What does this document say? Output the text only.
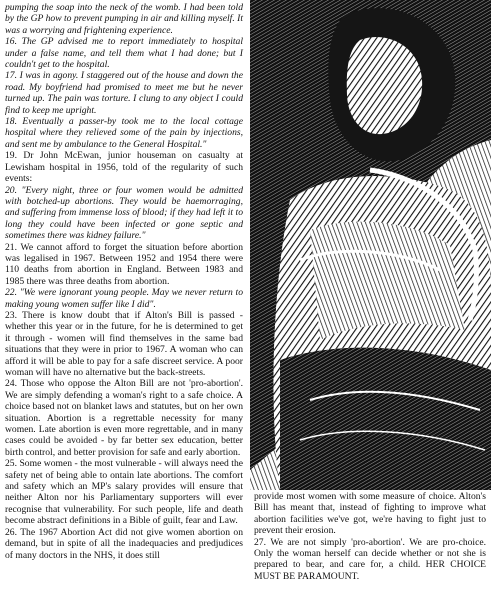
pumping the soap into the neck of the womb. I had been told by the GP how to prevent pumping in air and killing myself. It was a worrying and frightening experience.

16. The GP advised me to report immediately to hospital under a false name, and tell them what I had done; but I couldn't get to the hospital.

17. I was in agony. I staggered out of the house and down the road. My boyfriend had promised to meet me but he never turned up. The pain was torture. I clung to any object I could find to keep me upright.

18. Eventually a passer-by took me to the local cottage hospital where they relieved some of the pain by injections, and sent me by ambulance to the General Hospital."

19. Dr John McEwan, junior houseman on casualty at Lewisham hospital in 1956, told of the regularity of such events:

20. "Every night, three or four women would be admitted with botched-up abortions. They would be haemorraging, and suffering from immense loss of blood; if they had left it to long they could have been infected or gone septic and sometimes there was kidney failure."

21. We cannot afford to forget the situation before abortion was legalised in 1967. Between 1952 and 1954 there were 110 deaths from abortion in England. Between 1983 and 1985 there was three deaths from abortion.

22. "We were ignorant young people. May we never return to making young women suffer like I did".

23. There is know doubt that if Alton's Bill is passed - whether this year or in the future, for he is determined to get it through - women will find themselves in the same bad situations that they were in prior to 1967. A woman who can afford it will be able to pay for a safe discreet service. A poor woman will have no alternative but the back-streets.

24. Those who oppose the Alton Bill are not 'pro-abortion'. We are simply defending a woman's right to a safe choice. A choice based not on blanket laws and statutes, but on her own situation. Abortion is a regrettable necessity for many women. Late abortion is even more regrettable, and in many cases could be avoided - by far better sex education, better birth control, and better provision for safe and early abortion.

25. Some women - the most vulnerable - will always need the safety net of being able to ontain late abortions. The comfort and safety which an MP's salary provides will ensure that neither Alton nor his Parliamentary supporters will ever recognise that vulnerability. For such people, life and death become abstract definitions in a Bible of guilt, fear and Law.

26. The 1967 Abortion Act did not give women abortion on demand, but in spite of all the inadequacies and predjudices of many doctors in the NHS, it does still

provide most women with some measure of choice. Alton's Bill has meant that, instead of fighting to improve what abortion facilities we've got, we're having to fight just to prevent their erosion.

27. We are not simply 'pro-abortion'. We are pro-choice. Only the woman herself can decide whether or not she is prepared to bear, and care for, a child. HER CHOICE MUST BE PARAMOUNT.
